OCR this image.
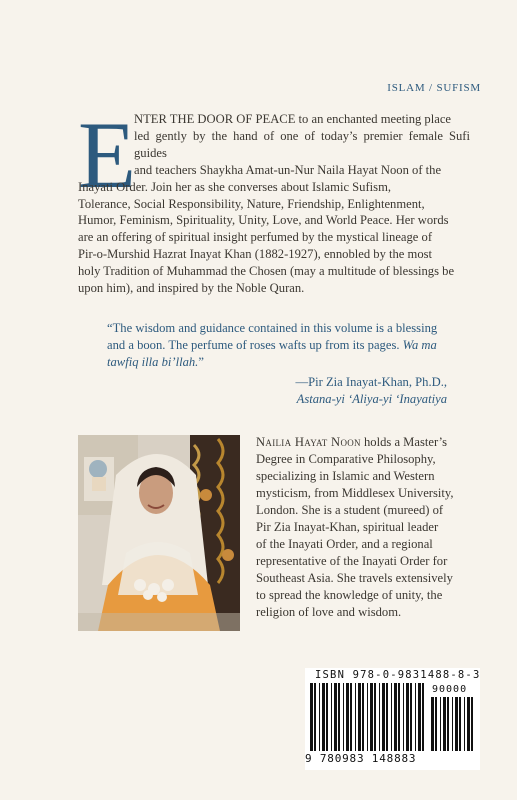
ISLAM / SUFISM
E

NTER THE DOOR OF PEACE to an enchanted meeting place
led gently by the hand of one of today’s premier female Sufi guides
and teachers Shaykha Amat-un-Nur Naila Hayat Noon of the
Inayati Order. Join her as she converses about Islamic Sufism,
Tolerance, Social Responsibility, Nature, Friendship, Enlightenment,
Humor, Feminism, Spirituality, Unity, Love, and World Peace. Her words
are an offering of spiritual insight perfumed by the mystical lineage of
Pir-o-Murshid Hazrat Inayat Khan (1882-1927), ennobled by the most
holy Tradition of Muhammad the Chosen (may a multitude of blessings be
upon him), and inspired by the Noble Quran.

“The wisdom and guidance contained in this volume is a blessing and a boon. The perfume of roses wafts up from its pages. Wa ma tawfiq illa bi’llah.”
—Pir Zia Inayat-Khan, Ph.D.,
Astana-yi ‘Aliya-yi ‘Inayatiya

Nailia Hayat Noon holds a Master’s
Degree in Comparative Philosophy,
specializing in Islamic and Western
mysticism, from Middlesex University,
London. She is a student (mureed) of
Pir Zia Inayat-Khan, spiritual leader
of the Inayati Order, and a regional
representative of the Inayati Order for
Southeast Asia. She travels extensively
to spread the knowledge of unity, the
religion of love and wisdom.

ISBN 978-0-9831488-8-3
90000
9 780983 148883
